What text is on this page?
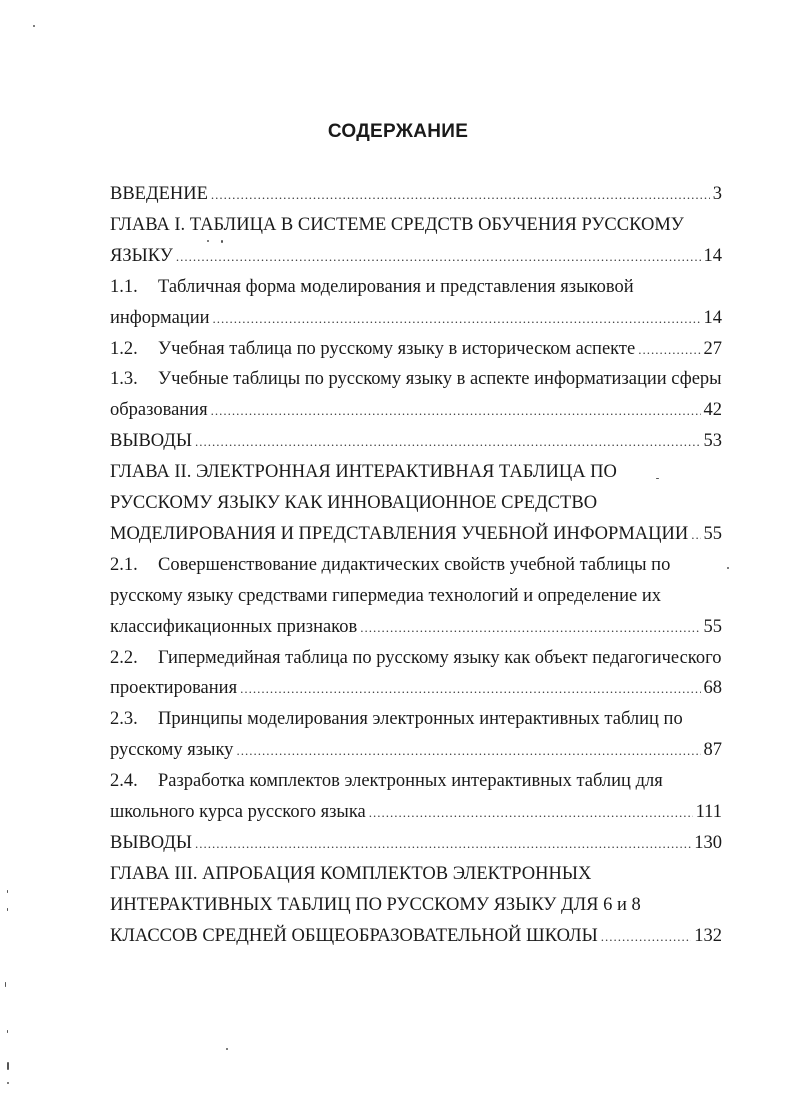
СОДЕРЖАНИЕ
ВВЕДЕНИЕ .....	3
ГЛАВА I. ТАБЛИЦА В СИСТЕМЕ СРЕДСТВ ОБУЧЕНИЯ РУССКОМУ
ЯЗЫКУ .....	14
1.1.	Табличная форма моделирования и представления языковой
информации .....	14
1.2.	Учебная таблица по русскому языку в историческом аспекте .....	27
1.3.	Учебные таблицы по русскому языку в аспекте информатизации сферы
образования .....	42
ВЫВОДЫ .....	53
ГЛАВА II. ЭЛЕКТРОННАЯ ИНТЕРАКТИВНАЯ ТАБЛИЦА ПО
РУССКОМУ ЯЗЫКУ КАК ИННОВАЦИОННОЕ СРЕДСТВО
МОДЕЛИРОВАНИЯ И ПРЕДСТАВЛЕНИЯ УЧЕБНОЙ ИНФОРМАЦИИ ..... 55
2.1.	Совершенствование дидактических свойств учебной таблицы по
русскому языку средствами гипермедиа технологий и определение их
классификационных признаков .....	55
2.2.	Гипермедийная таблица по русскому языку как объект педагогического
проектирования .....	68
2.3.	Принципы моделирования электронных интерактивных таблиц по
русскому языку .....	87
2.4.	Разработка комплектов электронных интерактивных таблиц для
школьного курса русского языка .....	111
ВЫВОДЫ .....	130
ГЛАВА III. АПРОБАЦИЯ КОМПЛЕКТОВ ЭЛЕКТРОННЫХ
ИНТЕРАКТИВНЫХ ТАБЛИЦ ПО РУССКОМУ ЯЗЫКУ ДЛЯ 6 и 8
КЛАССОВ СРЕДНЕЙ ОБЩЕОБРАЗОВАТЕЛЬНОЙ ШКОЛЫ .....	132
